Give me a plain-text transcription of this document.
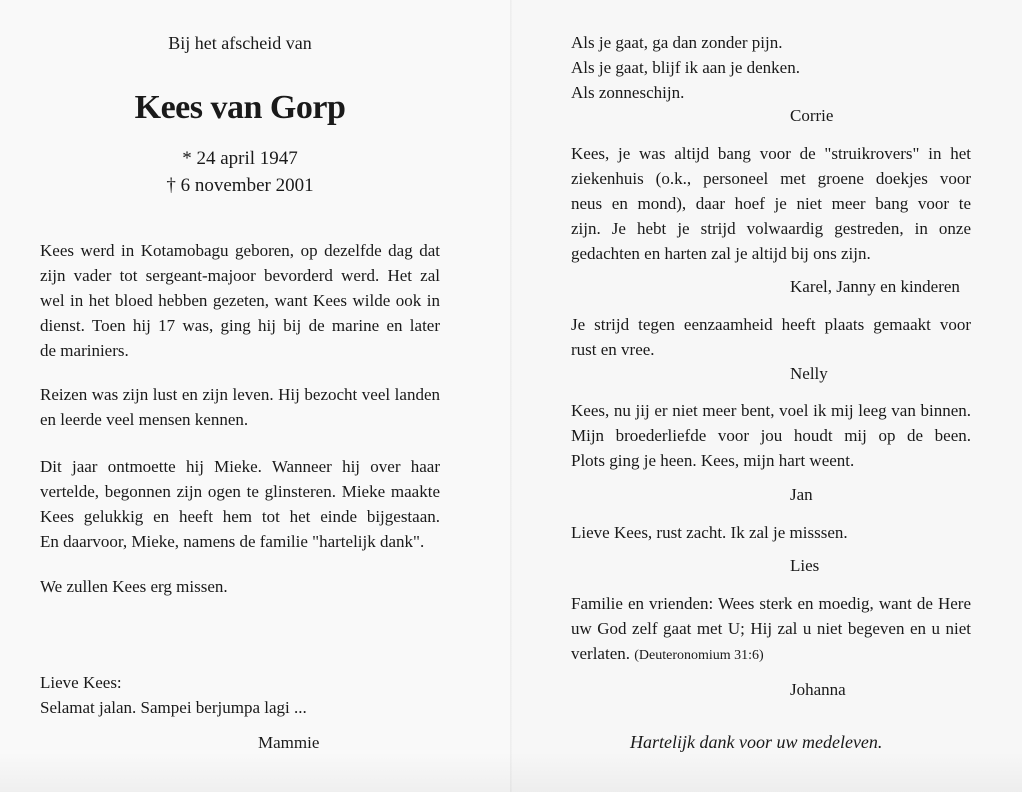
Bij het afscheid van
Kees van Gorp
* 24 april 1947
† 6 november 2001
Kees werd in Kotamobagu geboren, op dezelfde dag dat
zijn vader tot sergeant-majoor bevorderd werd. Het zal
wel in het bloed hebben gezeten, want Kees wilde ook in
dienst. Toen hij 17 was, ging hij bij de marine en later
de mariniers.
Reizen was zijn lust en zijn leven. Hij bezocht veel landen
en leerde veel mensen kennen.
Dit jaar ontmoette hij Mieke. Wanneer hij over haar
vertelde, begonnen zijn ogen te glinsteren. Mieke maakte
Kees gelukkig en heeft hem tot het einde bijgestaan.
En daarvoor, Mieke, namens de familie "hartelijk dank".
We zullen Kees erg missen.
Lieve Kees:
Selamat jalan. Sampei berjumpa lagi ...
Mammie
Als je gaat, ga dan zonder pijn.
Als je gaat, blijf ik aan je denken.
Als zonneschijn.
Corrie
Kees, je was altijd bang voor de "struikrovers" in het
ziekenhuis (o.k., personeel met groene doekjes voor
neus en mond), daar hoef je niet meer bang voor te
zijn. Je hebt je strijd volwaardig gestreden, in onze
gedachten en harten zal je altijd bij ons zijn.
Karel, Janny en kinderen
Je strijd tegen eenzaamheid heeft plaats gemaakt voor
rust en vree.
Nelly
Kees, nu jij er niet meer bent, voel ik mij leeg van binnen.
Mijn broederliefde voor jou houdt mij op de been.
Plots ging je heen. Kees, mijn hart weent.
Jan
Lieve Kees, rust zacht. Ik zal je misssen.
Lies
Familie en vrienden: Wees sterk en moedig, want de Here
uw God zelf gaat met U; Hij zal u niet begeven en u niet
verlaten. (Deuteronomium 31:6)
Johanna
Hartelijk dank voor uw medeleven.
